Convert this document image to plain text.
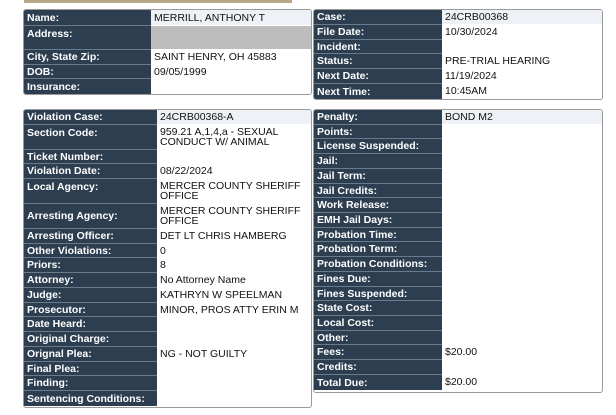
Name:	MERRILL, ANTHONY T
Address:
City, State Zip:	SAINT HENRY, OH 45883
DOB:	09/05/1999
Insurance:
Case:	24CRB00368
File Date:	10/30/2024
Incident:
Status:	PRE-TRIAL HEARING
Next Date:	11/19/2024
Next Time:	10:45AM
Violation Case:	24CRB00368-A
Section Code:	959.21 A,1,4,a - SEXUAL CONDUCT W/ ANIMAL
Ticket Number:
Violation Date:	08/22/2024
Local Agency:	MERCER COUNTY SHERIFF OFFICE
Arresting Agency:	MERCER COUNTY SHERIFF OFFICE
Arresting Officer:	DET LT CHRIS HAMBERG
Other Violations:	0
Priors:	8
Attorney:	No Attorney Name
Judge:	KATHRYN W SPEELMAN
Prosecutor:	MINOR, PROS ATTY ERIN M
Date Heard:
Original Charge:
Orignal Plea:	NG - NOT GUILTY
Final Plea:
Finding:
Sentencing Conditions:
Penalty:	BOND M2
Points:
License Suspended:
Jail:
Jail Term:
Jail Credits:
Work Release:
EMH Jail Days:
Probation Time:
Probation Term:
Probation Conditions:
Fines Due:
Fines Suspended:
State Cost:
Local Cost:
Other:
Fees:	$20.00
Credits:
Total Due:	$20.00
